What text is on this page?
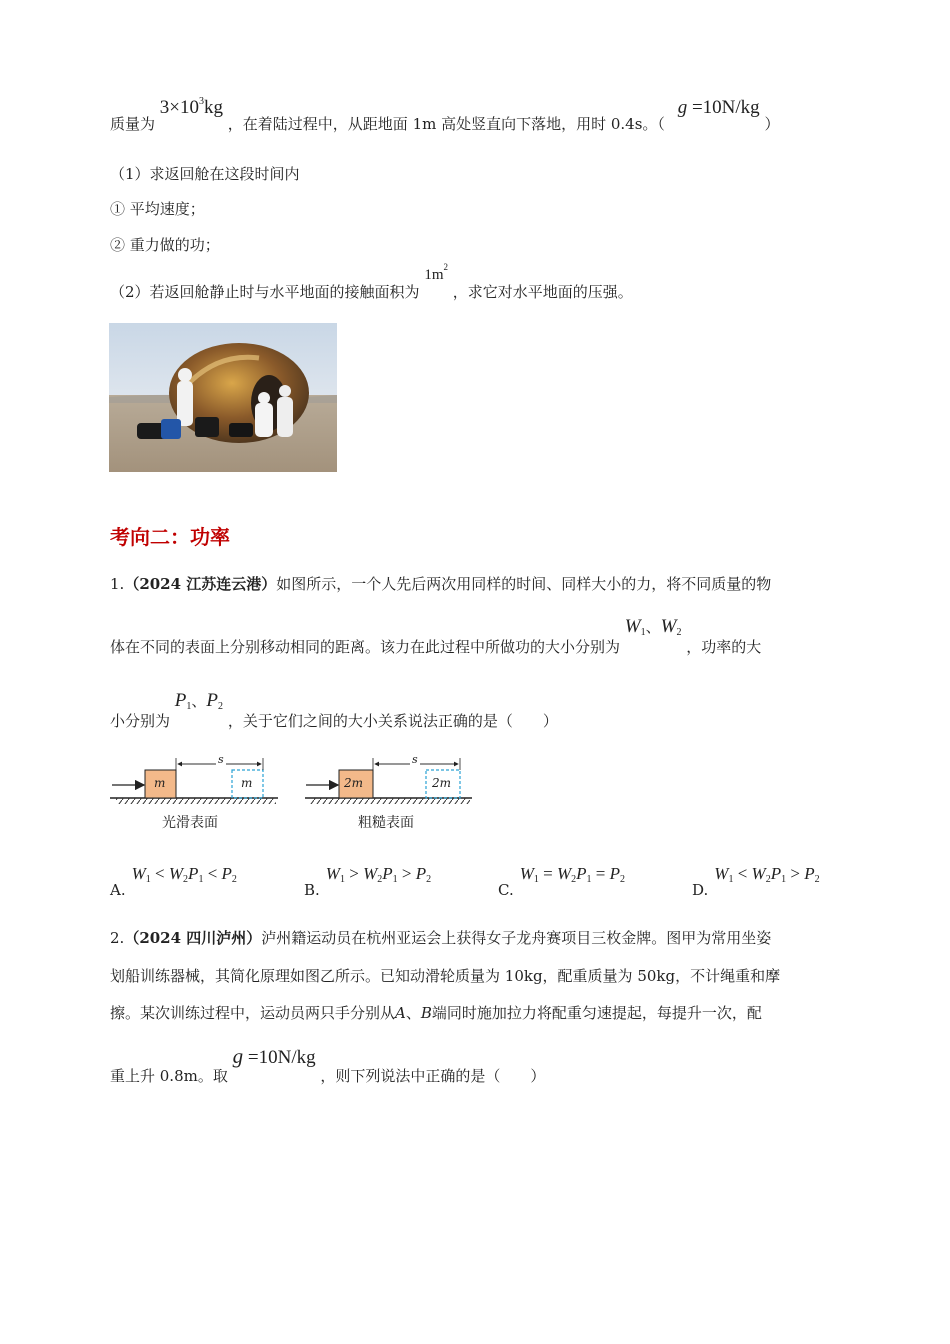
质量为 $3\times 10^3kg$ ，在着陆过程中，从距地面 1m 高处竖直向下落地，用时 0.4s。（ g =10N/kg ）
（1）求返回舱在这段时间内
① 平均速度；
② 重力做的功；
（2）若返回舱静止时与水平地面的接触面积为 $1m^2$ ，求它对水平地面的压强。
考向二：功率
1.（2024 江苏连云港）如图所示，一个人先后两次用同样的时间、同样大小的力，将不同质量的物
体在不同的表面上分别移动相同的距离。该力在此过程中所做功的大小分别为 $W_1$、$W_2$ ，功率的大
小分别为 $P_1$、$P_2$ ，关于它们之间的大小关系说法正确的是（　　）
m	m
s
光滑表面
2m	2m
s
粗糙表面
$A.W_1 < W_2P_1 < P_2$
$B.W_1 > W_2P_1 > P_2$
$C.W_1 = W_2P_1 = P_2$
$D.W_1 < W_2P_1 > P_2$
2.（2024 四川泸州）泸州籍运动员在杭州亚运会上获得女子龙舟赛项目三枚金牌。图甲为常用坐姿
划船训练器械，其简化原理如图乙所示。已知动滑轮质量为 10kg，配重质量为 50kg，不计绳重和摩
擦。某次训练过程中，运动员两只手分别从A、B端同时施加拉力将配重匀速提起，每提升一次，配
重上升 0.8m。取 g =10N/kg ，则下列说法中正确的是（　　）
